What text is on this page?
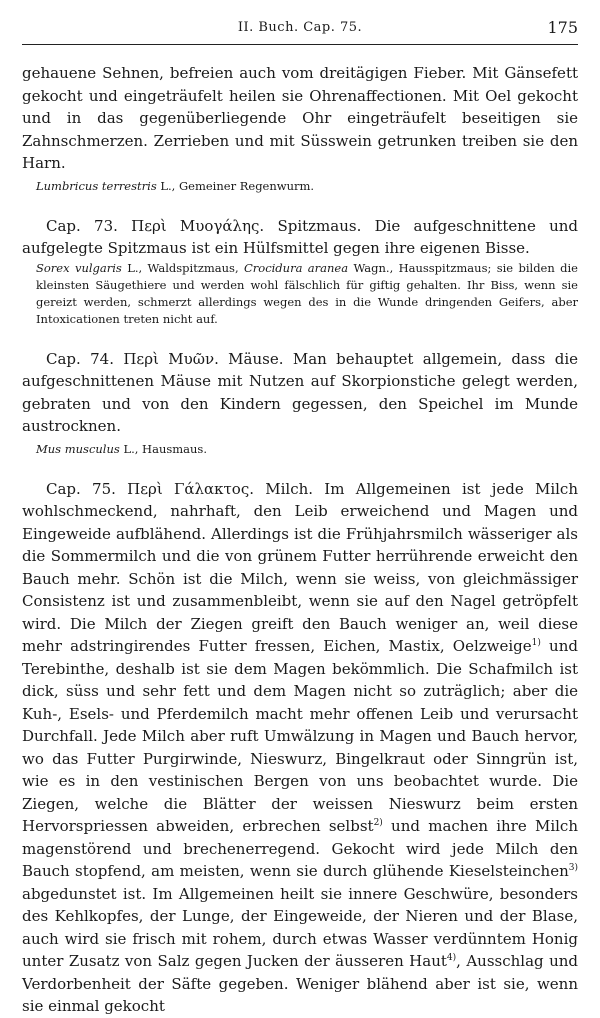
II. Buch. Cap. 75.	175

gehauene Sehnen, befreien auch vom dreitägigen Fieber. Mit Gänsefett gekocht und eingeträufelt heilen sie Ohrenaffectionen. Mit Oel gekocht und in das gegenüberliegende Ohr eingeträufelt beseitigen sie Zahnschmerzen. Zerrieben und mit Süsswein getrunken treiben sie den Harn.

Lumbricus terrestris L., Gemeiner Regenwurm.

Cap. 73. Περὶ Μυογάλης. Spitzmaus. Die aufgeschnittene und aufgelegte Spitzmaus ist ein Hülfsmittel gegen ihre eigenen Bisse.

Sorex vulgaris L., Waldspitzmaus, Crocidura aranea Wagn., Hausspitzmaus; sie bilden die kleinsten Säugethiere und werden wohl fälschlich für giftig gehalten. Ihr Biss, wenn sie gereizt werden, schmerzt allerdings wegen des in die Wunde dringenden Geifers, aber Intoxicationen treten nicht auf.

Cap. 74. Περὶ Μυῶν. Mäuse. Man behauptet allgemein, dass die aufgeschnittenen Mäuse mit Nutzen auf Skorpionstiche gelegt werden, gebraten und von den Kindern gegessen, den Speichel im Munde austrocknen.

Mus musculus L., Hausmaus.

Cap. 75. Περὶ Γάλακτος. Milch. Im Allgemeinen ist jede Milch wohlschmeckend, nahrhaft, den Leib erweichend und Magen und Eingeweide aufblähend. Allerdings ist die Frühjahrsmilch wässeriger als die Sommermilch und die von grünem Futter herrührende erweicht den Bauch mehr. Schön ist die Milch, wenn sie weiss, von gleichmässiger Consistenz ist und zusammenbleibt, wenn sie auf den Nagel getröpfelt wird. Die Milch der Ziegen greift den Bauch weniger an, weil diese mehr adstringirendes Futter fressen, Eichen, Mastix, Oelzweige$^{1)}$ und Terebinthe, deshalb ist sie dem Magen bekömmlich. Die Schafmilch ist dick, süss und sehr fett und dem Magen nicht so zuträglich; aber die Kuh-, Esels- und Pferdemilch macht mehr offenen Leib und verursacht Durchfall. Jede Milch aber ruft Umwälzung in Magen und Bauch hervor, wo das Futter Purgirwinde, Nieswurz, Bingelkraut oder Sinngrün ist, wie es in den vestinischen Bergen von uns beobachtet wurde. Die Ziegen, welche die Blätter der weissen Nieswurz beim ersten Hervorspriessen abweiden, erbrechen selbst$^{2)}$ und machen ihre Milch magenstörend und brechenerregend. Gekocht wird jede Milch den Bauch stopfend, am meisten, wenn sie durch glühende Kieselsteinchen$^{3)}$ abgedunstet ist. Im Allgemeinen heilt sie innere Geschwüre, besonders des Kehlkopfes, der Lunge, der Eingeweide, der Nieren und der Blase, auch wird sie frisch mit rohem, durch etwas Wasser verdünntem Honig unter Zusatz von Salz gegen Jucken der äusseren Haut$^{4)}$, Ausschlag und Verdorbenheit der Säfte gegeben. Weniger blähend aber ist sie, wenn sie einmal gekocht
